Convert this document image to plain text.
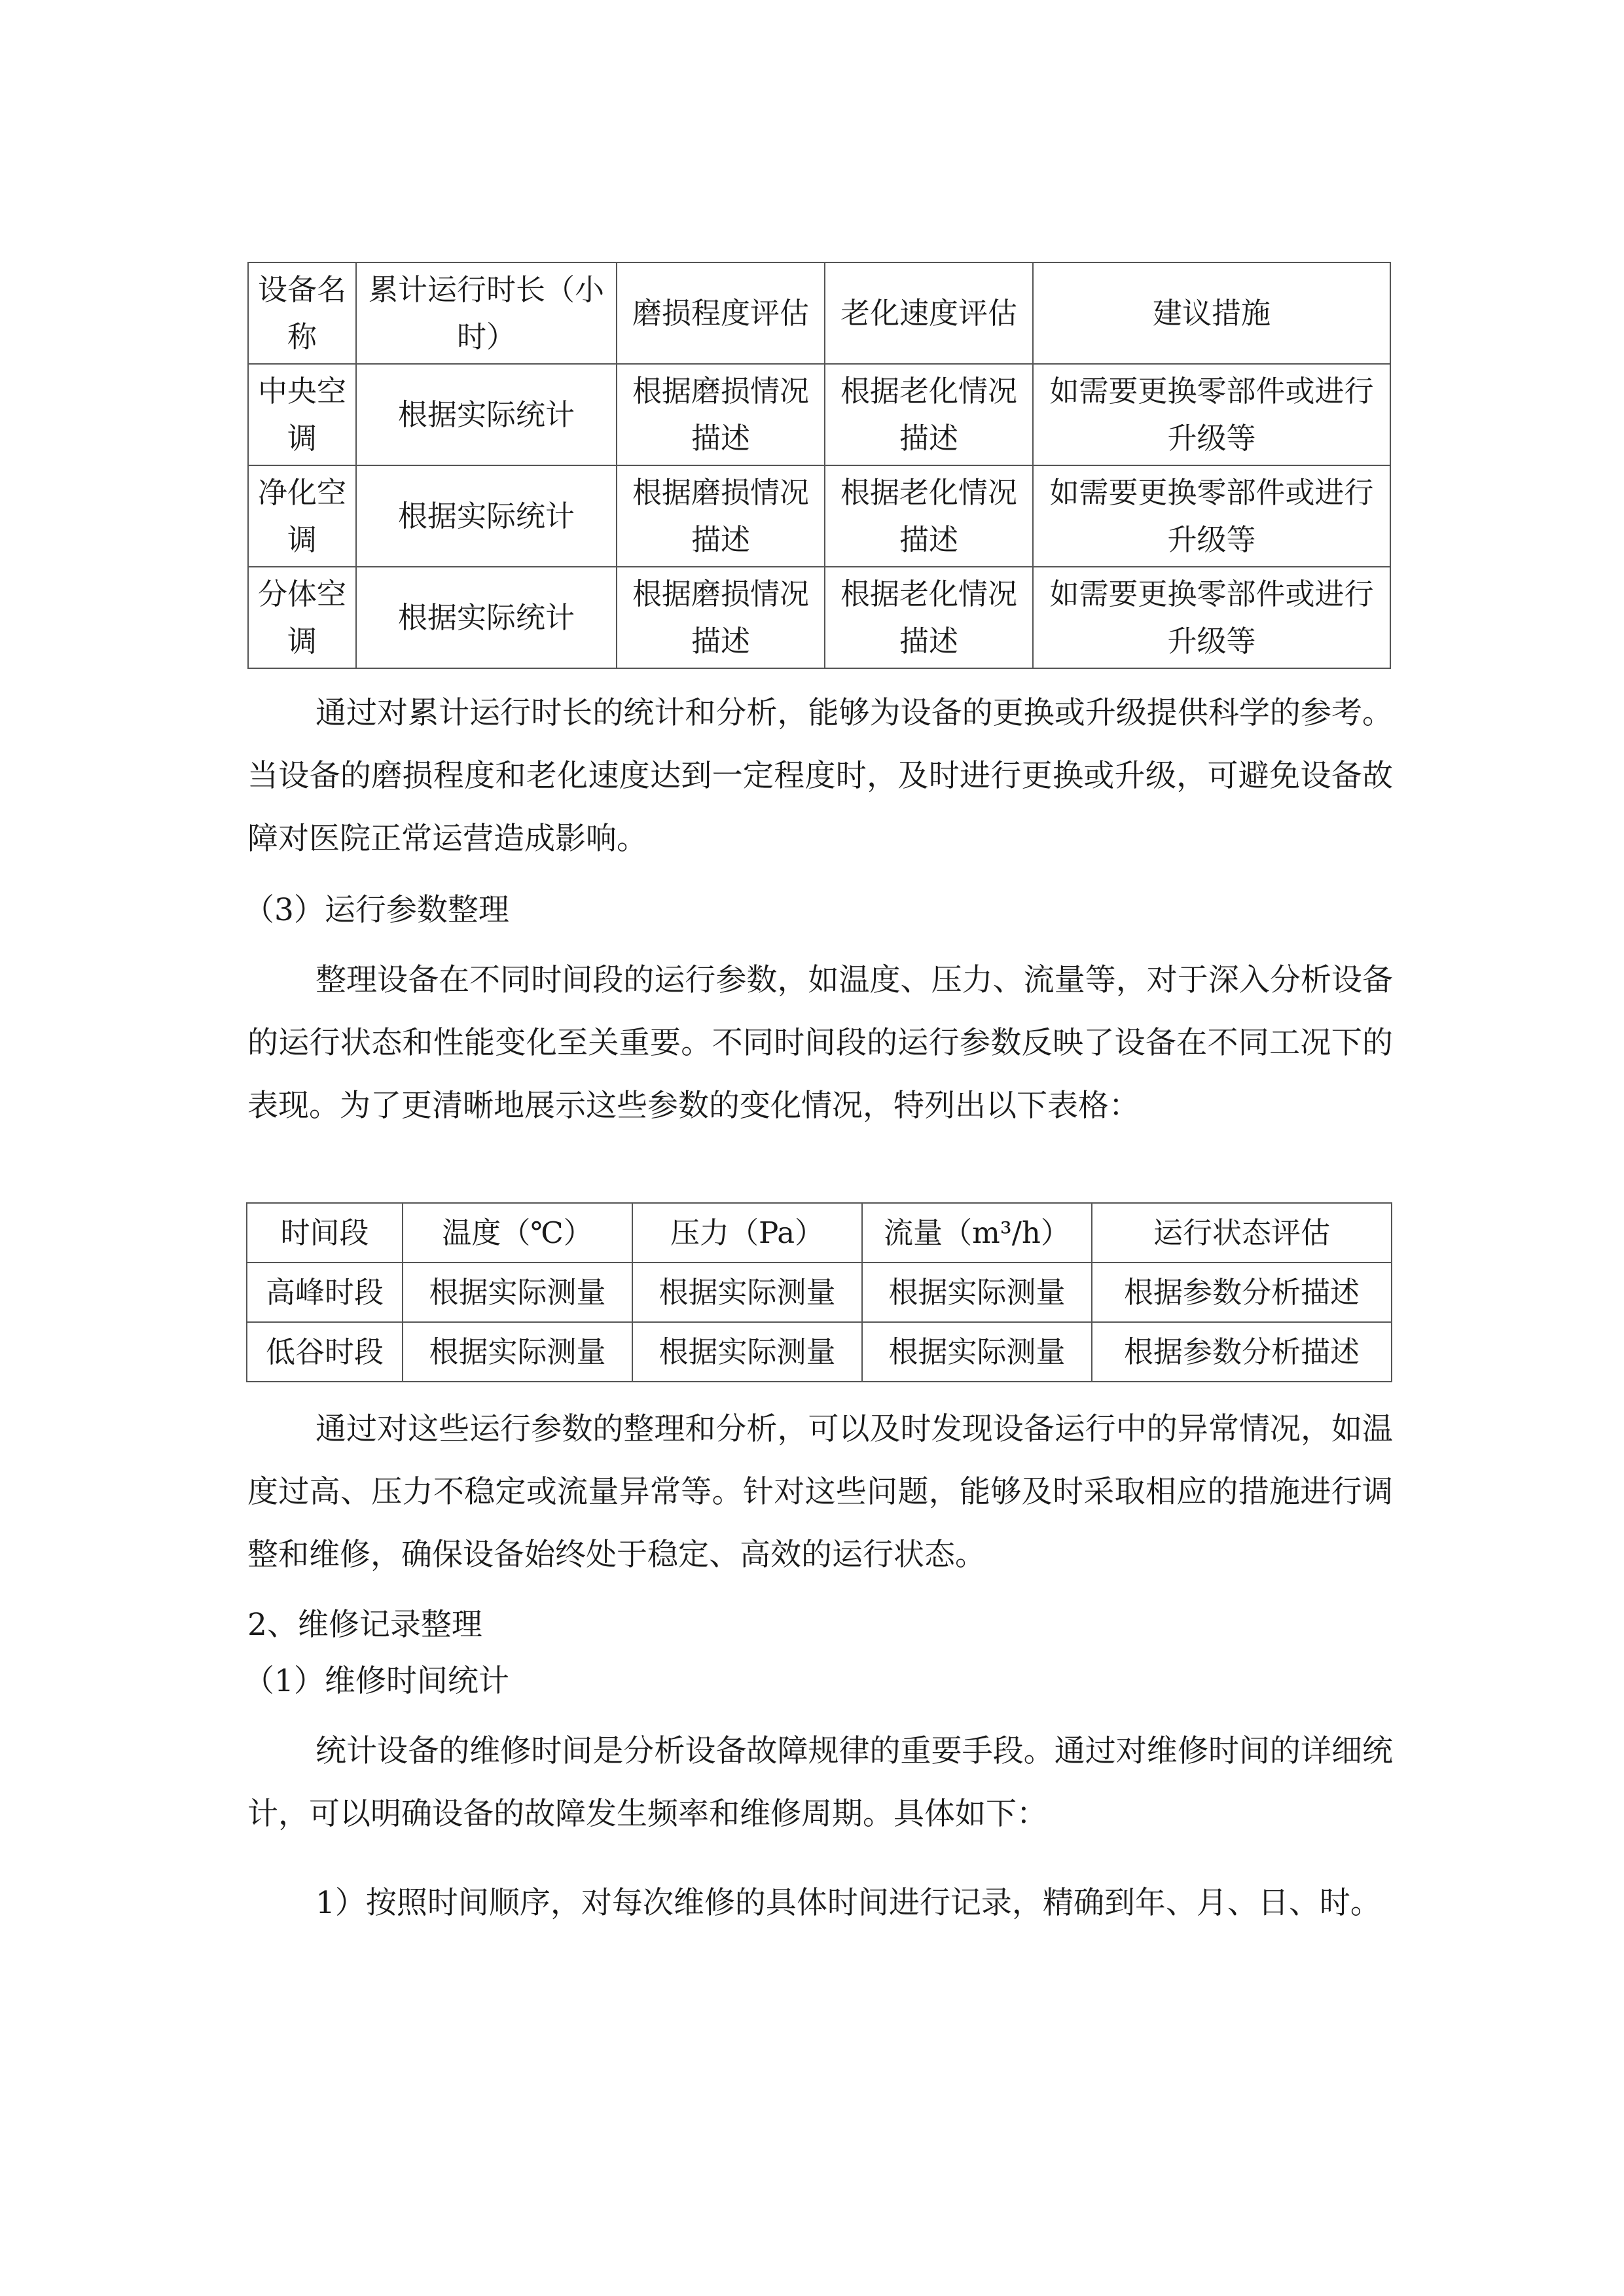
设备名称	累计运行时长（小时）	磨损程度评估	老化速度评估	建议措施
中央空调	根据实际统计	根据磨损情况描述	根据老化情况描述	如需要更换零部件或进行升级等
净化空调	根据实际统计	根据磨损情况描述	根据老化情况描述	如需要更换零部件或进行升级等
分体空调	根据实际统计	根据磨损情况描述	根据老化情况描述	如需要更换零部件或进行升级等

通过对累计运行时长的统计和分析，能够为设备的更换或升级提供科学的参考。当设备的磨损程度和老化速度达到一定程度时，及时进行更换或升级，可避免设备故障对医院正常运营造成影响。

（3）运行参数整理

整理设备在不同时间段的运行参数，如温度、压力、流量等，对于深入分析设备的运行状态和性能变化至关重要。不同时间段的运行参数反映了设备在不同工况下的表现。为了更清晰地展示这些参数的变化情况，特列出以下表格：

时间段	温度（℃）	压力（Pa）	流量（m³/h）	运行状态评估
高峰时段	根据实际测量	根据实际测量	根据实际测量	根据参数分析描述
低谷时段	根据实际测量	根据实际测量	根据实际测量	根据参数分析描述

通过对这些运行参数的整理和分析，可以及时发现设备运行中的异常情况，如温度过高、压力不稳定或流量异常等。针对这些问题，能够及时采取相应的措施进行调整和维修，确保设备始终处于稳定、高效的运行状态。

2、维修记录整理

（1）维修时间统计

统计设备的维修时间是分析设备故障规律的重要手段。通过对维修时间的详细统计，可以明确设备的故障发生频率和维修周期。具体如下：

1）按照时间顺序，对每次维修的具体时间进行记录，精确到年、月、日、时。
